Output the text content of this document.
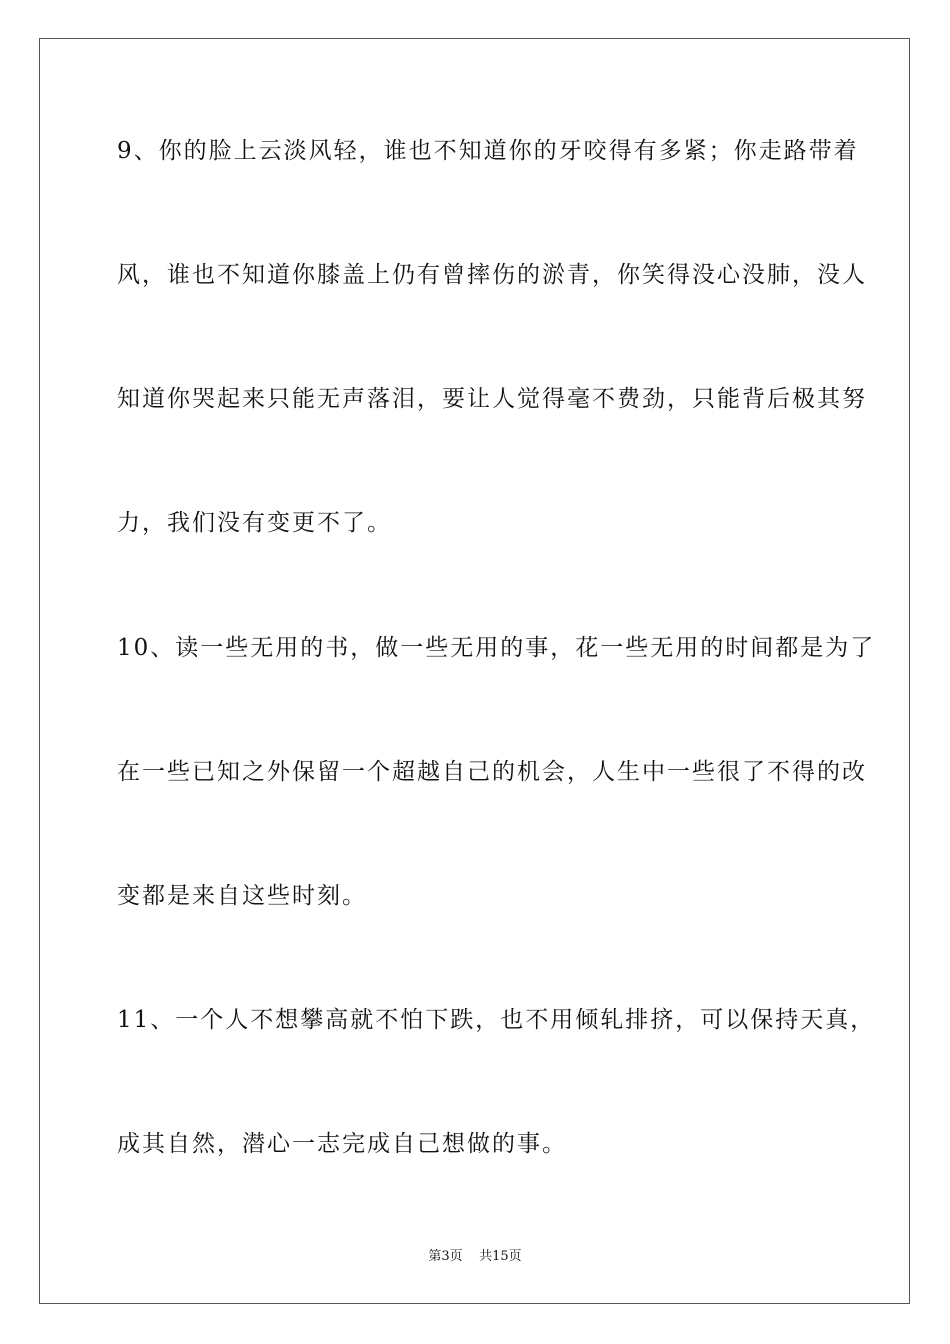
9、你的脸上云淡风轻，谁也不知道你的牙咬得有多紧；你走路带着
风，谁也不知道你膝盖上仍有曾摔伤的淤青，你笑得没心没肺，没人
知道你哭起来只能无声落泪，要让人觉得毫不费劲，只能背后极其努
力，我们没有变更不了。
10、读一些无用的书，做一些无用的事，花一些无用的时间都是为了
在一些已知之外保留一个超越自己的机会，人生中一些很了不得的改
变都是来自这些时刻。
11、一个人不想攀高就不怕下跌，也不用倾轧排挤，可以保持天真，
成其自然，潜心一志完成自己想做的事。
第3页 共15页
